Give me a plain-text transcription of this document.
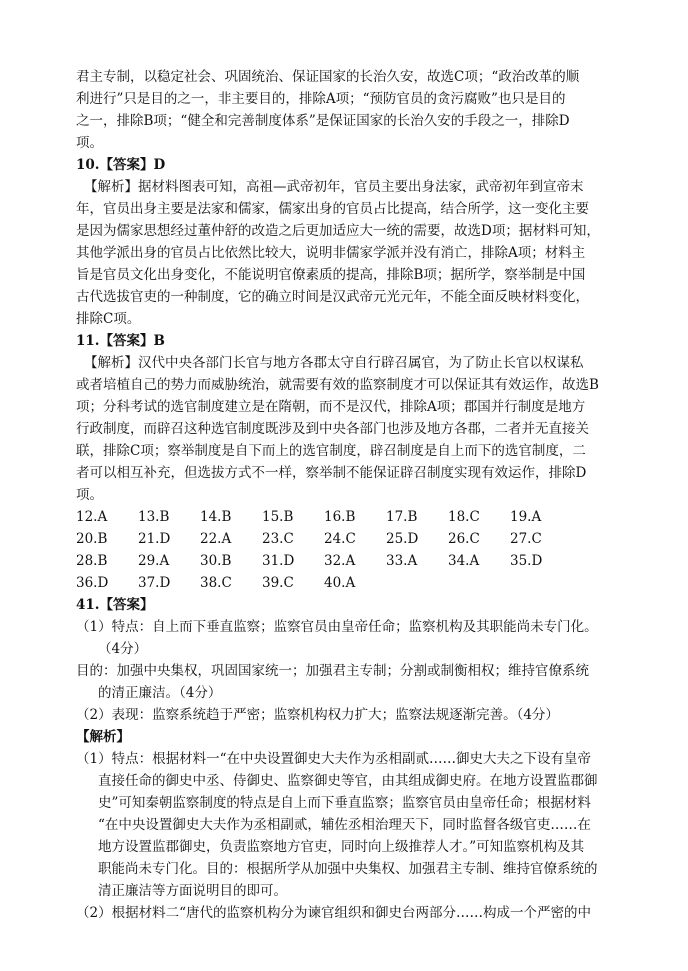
君主专制，以稳定社会、巩固统治、保证国家的长治久安，故选C项；“政治改革的顺
利进行”只是目的之一，非主要目的，排除A项；“预防官员的贪污腐败”也只是目的
之一，排除B项；“健全和完善制度体系”是保证国家的长治久安的手段之一，排除D
项。
10.【答案】D
【解析】据材料图表可知，高祖—武帝初年，官员主要出身法家，武帝初年到宣帝末
年，官员出身主要是法家和儒家，儒家出身的官员占比提高，结合所学，这一变化主要
是因为儒家思想经过董仲舒的改造之后更加适应大一统的需要，故选D项；据材料可知，
其他学派出身的官员占比依然比较大，说明非儒家学派并没有消亡，排除A项；材料主
旨是官员文化出身变化，不能说明官僚素质的提高，排除B项；据所学，察举制是中国
古代选拔官吏的一种制度，它的确立时间是汉武帝元光元年，不能全面反映材料变化，
排除C项。
11.【答案】B
【解析】汉代中央各部门长官与地方各郡太守自行辟召属官，为了防止长官以权谋私
或者培植自己的势力而威胁统治，就需要有效的监察制度才可以保证其有效运作，故选B
项；分科考试的选官制度建立是在隋朝，而不是汉代，排除A项；郡国并行制度是地方
行政制度，而辟召这种选官制度既涉及到中央各部门也涉及地方各郡，二者并无直接关
联，排除C项；察举制度是自下而上的选官制度，辟召制度是自上而下的选官制度，二
者可以相互补充，但选拔方式不一样，察举制不能保证辟召制度实现有效运作，排除D
项。
12.A	13.B	14.B	15.B	16.B	17.B	18.C	19.A
20.B	21.D	22.A	23.C	24.C	25.D	26.C	27.C
28.B	29.A	30.B	31.D	32.A	33.A	34.A	35.D
36.D	37.D	38.C	39.C	40.A
41.【答案】
（1）特点：自上而下垂直监察；监察官员由皇帝任命；监察机构及其职能尚未专门化。
（4分）
目的：加强中央集权，巩固国家统一；加强君主专制；分割或制衡相权；维持官僚系统
的清正廉洁。（4分）
（2）表现：监察系统趋于严密；监察机构权力扩大；监察法规逐渐完善。（4分）
【解析】
（1）特点：根据材料一“在中央设置御史大夫作为丞相副贰……御史大夫之下设有皇帝
直接任命的御史中丞、侍御史、监察御史等官，由其组成御史府。在地方设置监郡御
史”可知秦朝监察制度的特点是自上而下垂直监察；监察官员由皇帝任命；根据材料
“在中央设置御史大夫作为丞相副贰，辅佐丞相治理天下，同时监督各级官吏……在
地方设置监郡御史，负责监察地方官吏，同时向上级推荐人才。”可知监察机构及其
职能尚未专门化。目的：根据所学从加强中央集权、加强君主专制、维持官僚系统的
清正廉洁等方面说明目的即可。
（2）根据材料二“唐代的监察机构分为谏官组织和御史台两部分……构成一个严密的中
